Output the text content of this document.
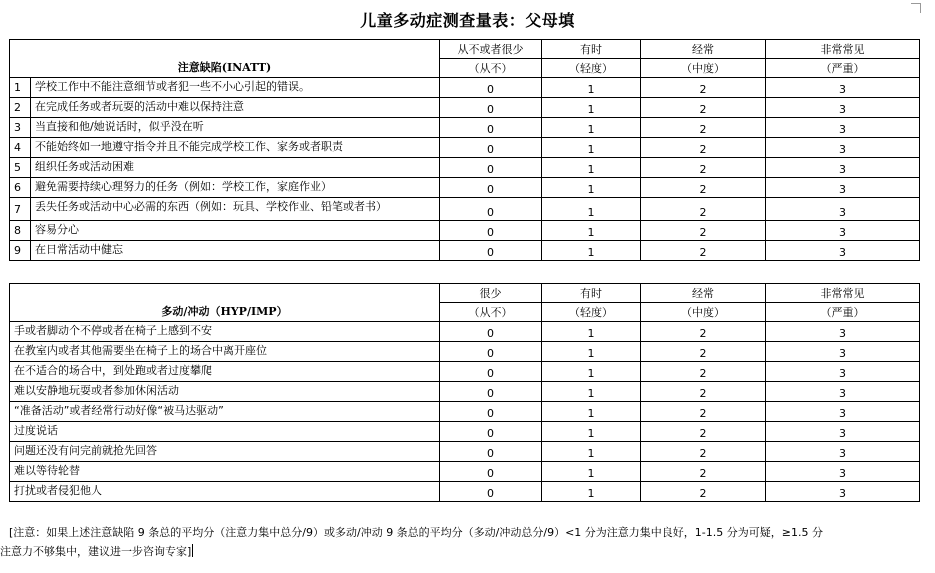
儿童多动症测查量表：父母填
注意缺陷(INATT)		从不或者很少	有时	经常	非常常见
		（从不）	（轻度）	（中度）	（严重）
1	学校工作中不能注意细节或者犯一些不小心引起的错误。	0	1	2	3
2	在完成任务或者玩耍的活动中难以保持注意	0	1	2	3
3	当直接和他/她说话时，似乎没在听	0	1	2	3
4	不能始终如一地遵守指令并且不能完成学校工作、家务或者职责	0	1	2	3
5	组织任务或活动困难	0	1	2	3
6	避免需要持续心理努力的任务（例如：学校工作，家庭作业）	0	1	2	3
7	丢失任务或活动中心必需的东西（例如：玩具、学校作业、铅笔或者书）	0	1	2	3
8	容易分心	0	1	2	3
9	在日常活动中健忘	0	1	2	3
多动/冲动（HYP/IMP）	很少	有时	经常	非常常见
	（从不）	（轻度）	（中度）	（严重）
手或者脚动个不停或者在椅子上感到不安	0	1	2	3
在教室内或者其他需要坐在椅子上的场合中离开座位	0	1	2	3
在不适合的场合中，到处跑或者过度攀爬	0	1	2	3
难以安静地玩耍或者参加休闲活动	0	1	2	3
“准备活动”或者经常行动好像“被马达驱动”	0	1	2	3
过度说话	0	1	2	3
问题还没有问完前就抢先回答	0	1	2	3
难以等待轮替	0	1	2	3
打扰或者侵犯他人	0	1	2	3
[注意：如果上述注意缺陷 9 条总的平均分（注意力集中总分/9）或多动/冲动 9 条总的平均分（多动/冲动总分/9）<1 分为注意力集中良好，1-1.5 分为可疑，≥1.5 分
注意力不够集中，建议进一步咨询专家]
